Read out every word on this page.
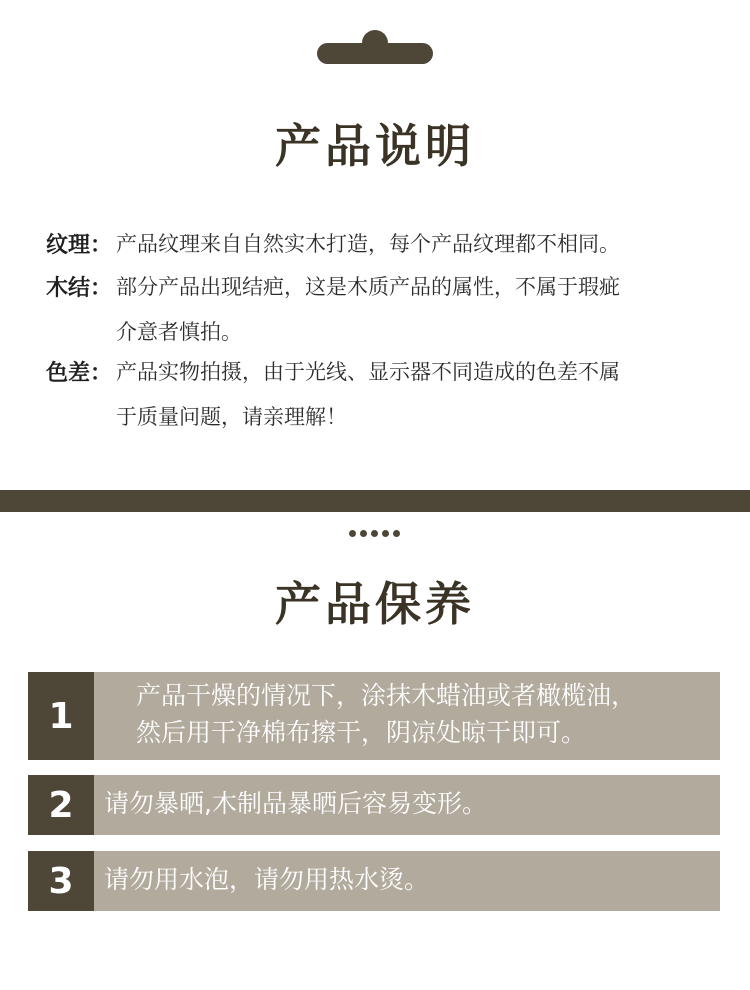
产品说明
纹理： 产品纹理来自自然实木打造，每个产品纹理都不相同。
木结： 部分产品出现结疤，这是木质产品的属性，不属于瑕疵
介意者慎拍。
色差： 产品实物拍摄，由于光线、显示器不同造成的色差不属
于质量问题，请亲理解！
产品保养
1	产品干燥的情况下，涂抹木蜡油或者橄榄油，
然后用干净棉布擦干，阴凉处晾干即可。
2	请勿暴晒,木制品暴晒后容易变形。
3	请勿用水泡，请勿用热水烫。
